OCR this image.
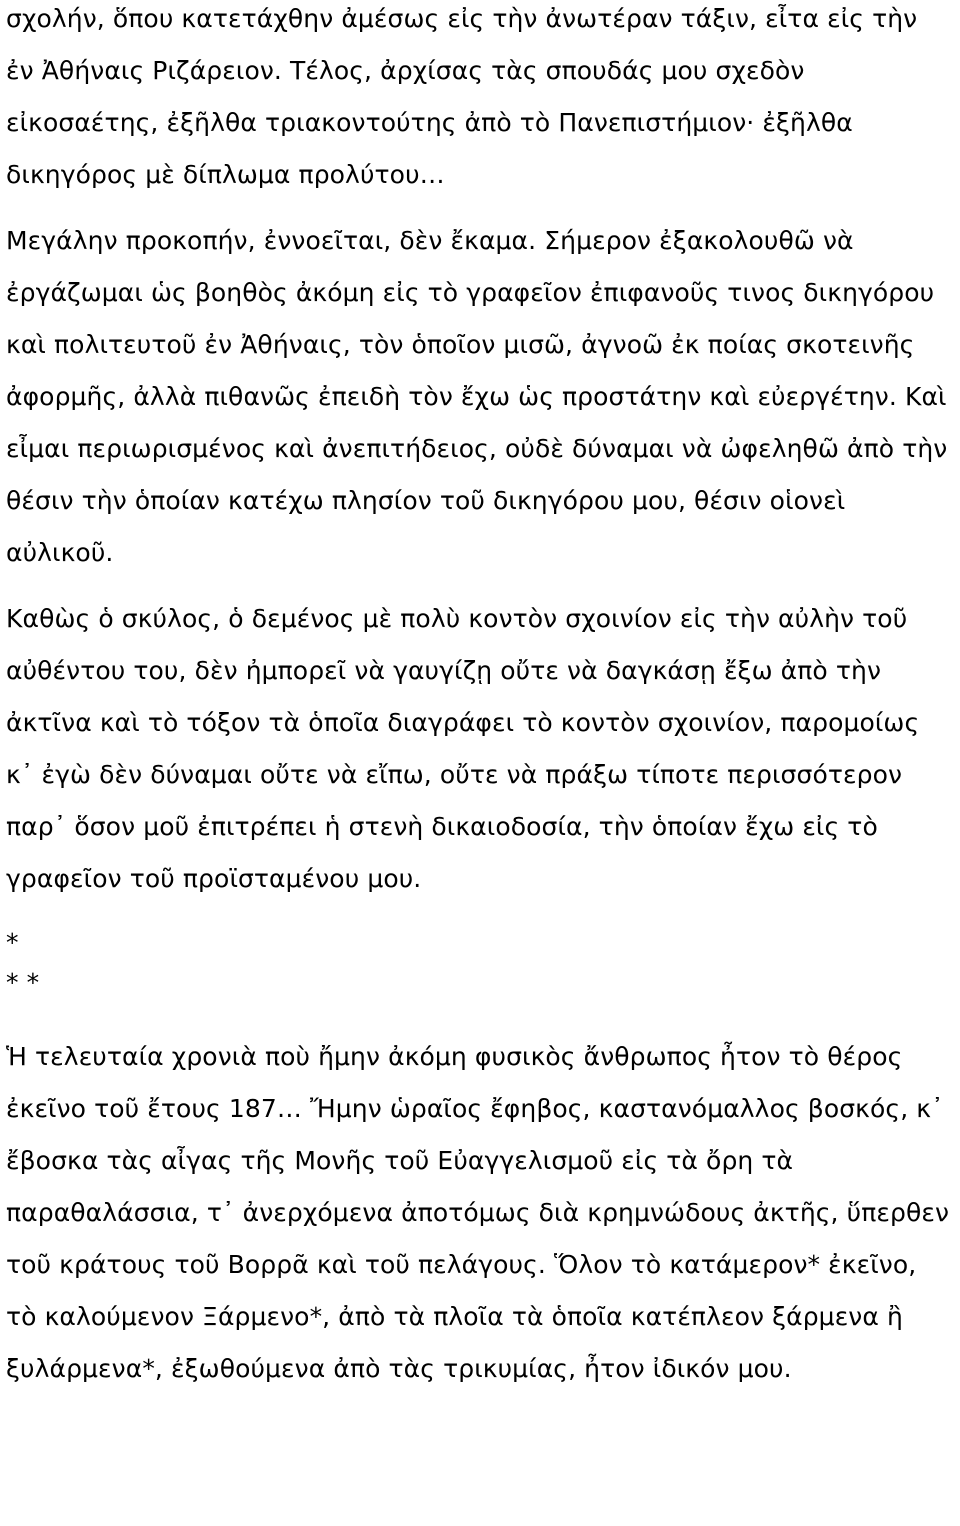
σχολήν, ὅπου κατετάχθην ἀμέσως εἰς τὴν ἀνωτέραν τάξιν, εἶτα εἰς τὴν ἐν Ἀθήναις Ριζάρειον. Τέλος, ἀρχίσας τὰς σπουδάς μου σχεδὸν εἰκοσαέτης, ἐξῆλθα τριακοντούτης ἀπὸ τὸ Πανεπιστήμιον· ἐξῆλθα δικηγόρος μὲ δίπλωμα προλύτου…

Μεγάλην προκοπήν, ἐννοεῖται, δὲν ἔκαμα. Σήμερον ἐξακολουθῶ νὰ ἐργάζωμαι ὡς βοηθὸς ἀκόμη εἰς τὸ γραφεῖον ἐπιφανοῦς τινος δικηγόρου καὶ πολιτευτοῦ ἐν Ἀθήναις, τὸν ὁποῖον μισῶ, ἀγνοῶ ἐκ ποίας σκοτεινῆς ἀφορμῆς, ἀλλὰ πιθανῶς ἐπειδὴ τὸν ἔχω ὡς προστάτην καὶ εὐεργέτην. Καὶ εἶμαι περιωρισμένος καὶ ἀνεπιτήδειος, οὐδὲ δύναμαι νὰ ὠφεληθῶ ἀπὸ τὴν θέσιν τὴν ὁποίαν κατέχω πλησίον τοῦ δικηγόρου μου, θέσιν οἱονεὶ αὐλικοῦ.

Καθὼς ὁ σκύλος, ὁ δεμένος μὲ πολὺ κοντὸν σχοινίον εἰς τὴν αὐλὴν τοῦ αὐθέντου του, δὲν ἠμπορεῖ νὰ γαυγίζῃ οὔτε νὰ δαγκάσῃ ἔξω ἀπὸ τὴν ἀκτῖνα καὶ τὸ τόξον τὰ ὁποῖα διαγράφει τὸ κοντὸν σχοινίον, παρομοίως κ᾽ ἐγὼ δὲν δύναμαι οὔτε νὰ εἴπω, οὔτε νὰ πράξω τίποτε περισσότερον παρ᾽ ὅσον μοῦ ἐπιτρέπει ἡ στενὴ δικαιοδοσία, τὴν ὁποίαν ἔχω εἰς τὸ γραφεῖον τοῦ προϊσταμένου μου.

*
* *

Ἡ τελευταία χρονιὰ ποὺ ἤμην ἀκόμη φυσικὸς ἄνθρωπος ἦτον τὸ θέρος ἐκεῖνο τοῦ ἔτους 187… Ἤμην ὡραῖος ἔφηβος, καστανόμαλλος βοσκός, κ᾽ ἔβοσκα τὰς αἶγας τῆς Μονῆς τοῦ Εὐαγγελισμοῦ εἰς τὰ ὄρη τὰ παραθαλάσσια, τ᾽ ἀνερχόμενα ἀποτόμως διὰ κρημνώδους ἀκτῆς, ὕπερθεν τοῦ κράτους τοῦ Βορρᾶ καὶ τοῦ πελάγους. Ὅλον τὸ κατάμερον* ἐκεῖνο, τὸ καλούμενον Ξάρμενο*, ἀπὸ τὰ πλοῖα τὰ ὁποῖα κατέπλεον ξάρμενα ἢ ξυλάρμενα*, ἐξωθούμενα ἀπὸ τὰς τρικυμίας, ἦτον ἰδικόν μου.
